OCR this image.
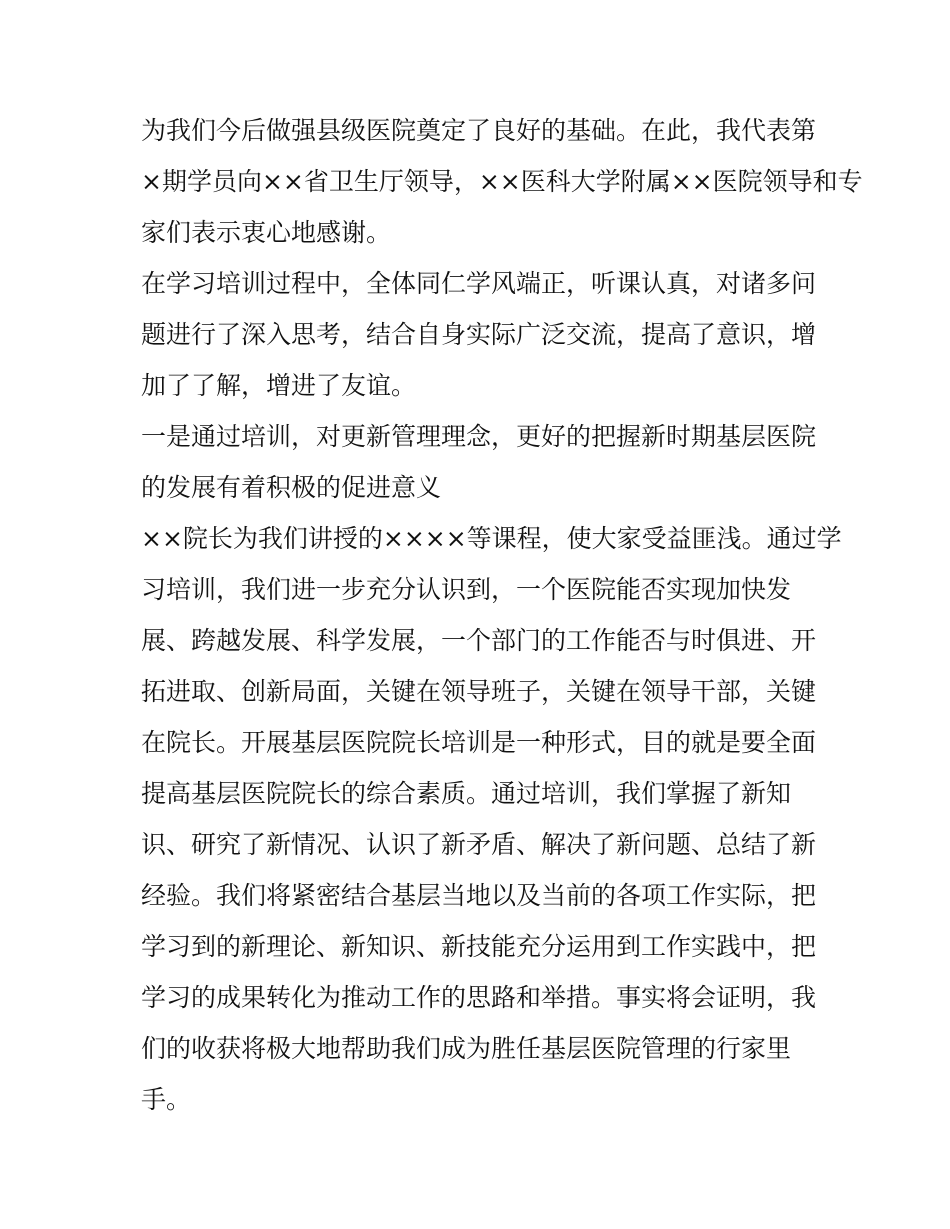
为我们今后做强县级医院奠定了良好的基础。在此，我代表第
×期学员向××省卫生厅领导，××医科大学附属××医院领导和专
家们表示衷心地感谢。
在学习培训过程中，全体同仁学风端正，听课认真，对诸多问
题进行了深入思考，结合自身实际广泛交流，提高了意识，增
加了了解，增进了友谊。
一是通过培训，对更新管理理念，更好的把握新时期基层医院
的发展有着积极的促进意义
××院长为我们讲授的××××等课程，使大家受益匪浅。通过学
习培训，我们进一步充分认识到，一个医院能否实现加快发
展、跨越发展、科学发展，一个部门的工作能否与时俱进、开
拓进取、创新局面，关键在领导班子，关键在领导干部，关键
在院长。开展基层医院院长培训是一种形式，目的就是要全面
提高基层医院院长的综合素质。通过培训，我们掌握了新知
识、研究了新情况、认识了新矛盾、解决了新问题、总结了新
经验。我们将紧密结合基层当地以及当前的各项工作实际，把
学习到的新理论、新知识、新技能充分运用到工作实践中，把
学习的成果转化为推动工作的思路和举措。事实将会证明，我
们的收获将极大地帮助我们成为胜任基层医院管理的行家里
手。
